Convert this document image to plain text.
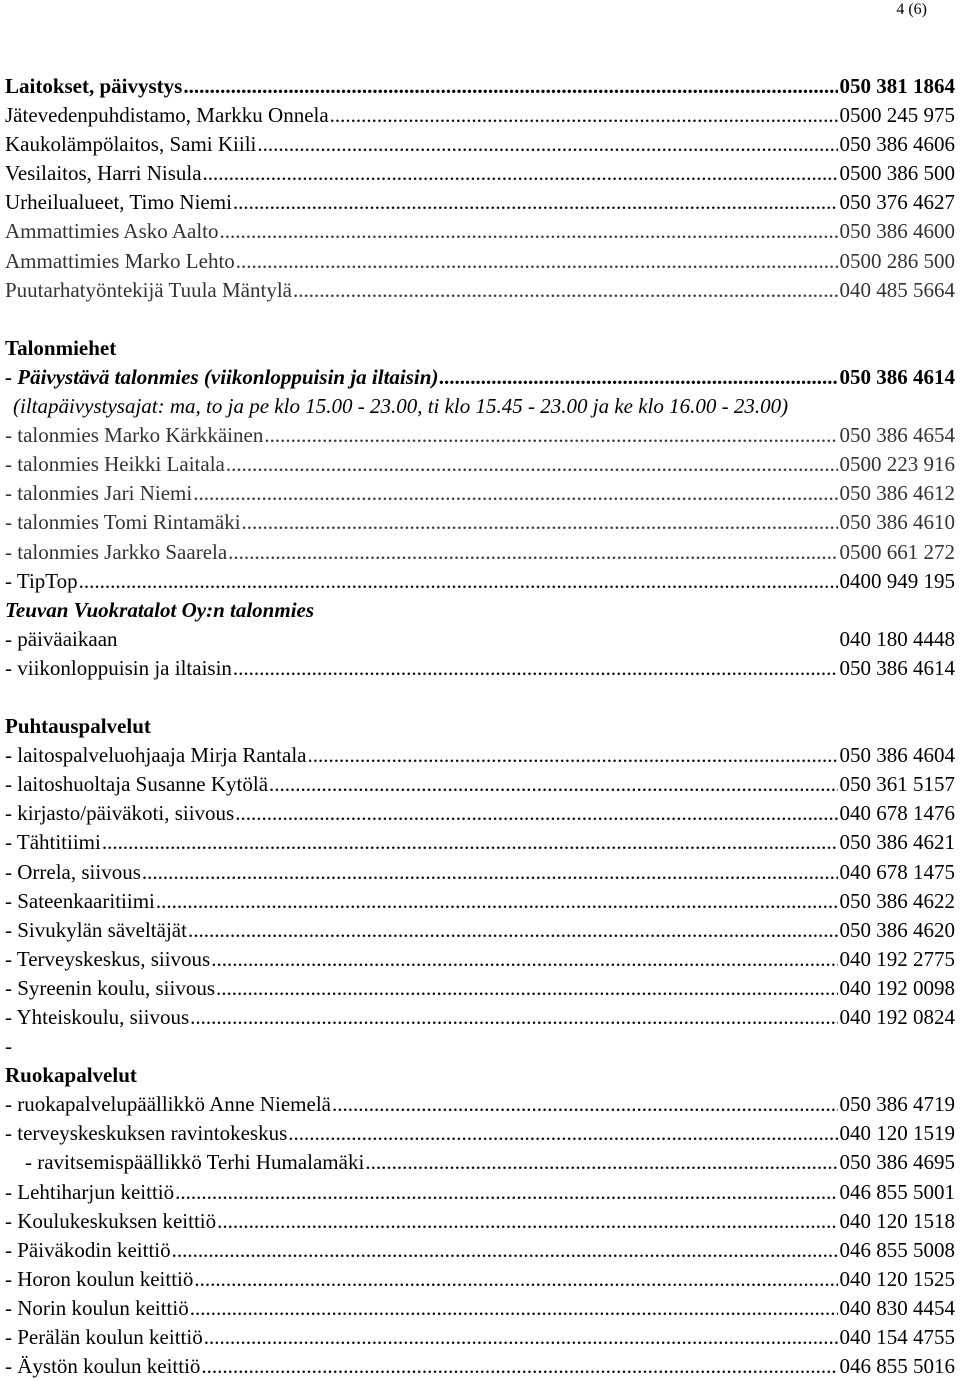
4 (6)
Laitokset, päivystys .....	050 381 1864
Jätevedenpuhdistamo, Markku Onnela .....	0500 245 975
Kaukolämpölaitos, Sami Kiili .....	050 386 4606
Vesilaitos, Harri Nisula .....	0500 386 500
Urheilualueet, Timo Niemi .....	050 376 4627
Ammattimies Asko Aalto .....	050 386 4600
Ammattimies Marko Lehto .....	0500 286 500
Puutarhatyöntekijä Tuula Mäntylä .....	040 485 5664
Talonmiehet
- Päivystävä talonmies (viikonloppuisin ja iltaisin) .....	050 386 4614
(iltapäivystysajat: ma, to ja pe klo 15.00 - 23.00, ti klo 15.45 - 23.00 ja ke klo 16.00 - 23.00)
- talonmies Marko Kärkkäinen .....	050 386 4654
- talonmies Heikki Laitala .....	0500 223 916
- talonmies Jari Niemi .....	050 386 4612
- talonmies Tomi Rintamäki .....	050 386 4610
- talonmies Jarkko Saarela .....	0500 661 272
- TipTop .....	0400 949 195
Teuvan Vuokratalot Oy:n talonmies
- päiväaikaan	040 180 4448
- viikonloppuisin ja iltaisin .....	050 386 4614
Puhtauspalvelut
- laitospalveluohjaaja Mirja Rantala .....	050 386 4604
- laitoshuoltaja Susanne Kytölä .....	050 361 5157
- kirjasto/päiväkoti, siivous .....	040 678 1476
- Tähtitiimi .....	050 386 4621
- Orrela, siivous .....	040 678 1475
- Sateenkaaritiimi .....	050 386 4622
- Sivukylän säveltäjät .....	050 386 4620
- Terveyskeskus, siivous .....	040 192 2775
- Syreenin koulu, siivous .....	040 192 0098
- Yhteiskoulu, siivous .....	040 192 0824
-
Ruokapalvelut
- ruokapalvelupäällikkö Anne Niemelä .....	050 386 4719
- terveyskeskuksen ravintokeskus .....	040 120 1519
- ravitsemispäällikkö Terhi Humalamäki .....	050 386 4695
- Lehtiharjun keittiö .....	046 855 5001
- Koulukeskuksen keittiö .....	040 120 1518
- Päiväkodin keittiö .....	046 855 5008
- Horon koulun keittiö .....	040 120 1525
- Norin koulun keittiö .....	040 830 4454
- Perälän koulun keittiö .....	040 154 4755
- Äystön koulun keittiö .....	046 855 5016
